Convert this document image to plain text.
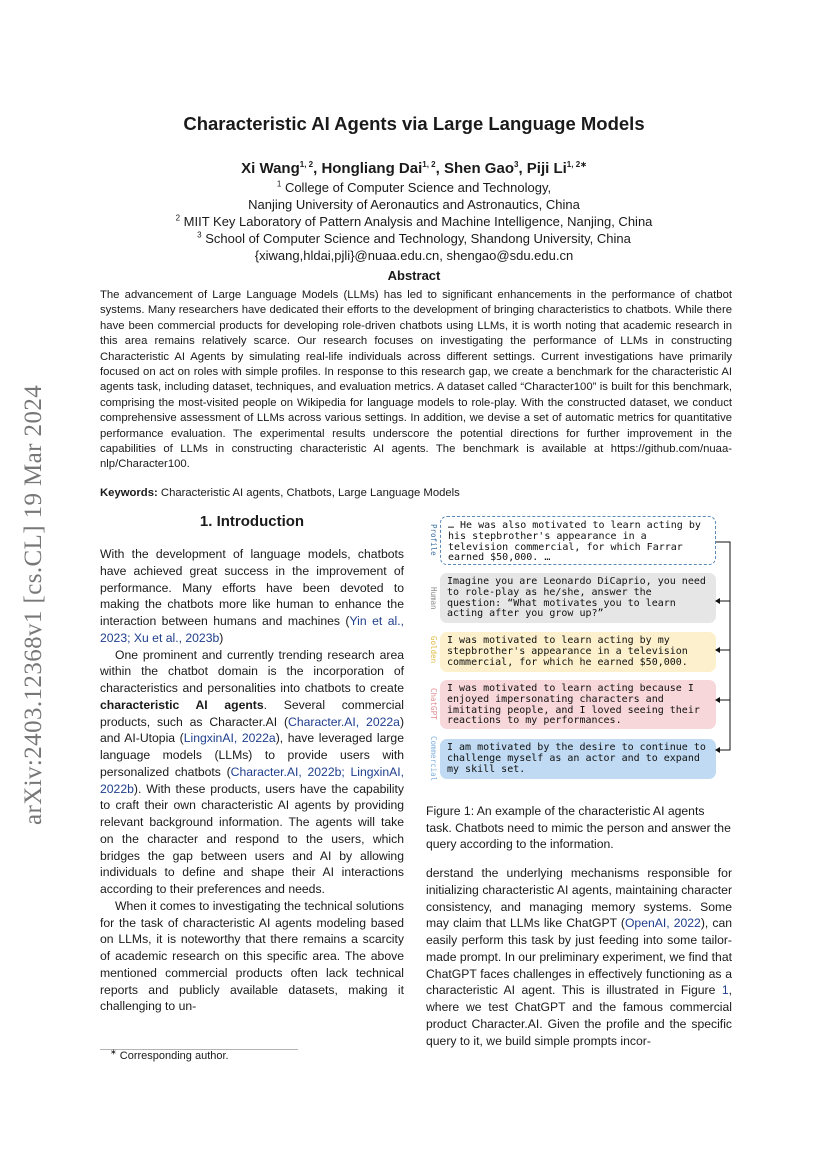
arXiv:2403.12368v1 [cs.CL] 19 Mar 2024
Characteristic AI Agents via Large Language Models
Xi Wang$^{1, 2}$, Hongliang Dai$^{1, 2}$, Shen Gao$^3$, Piji $Li^{1, 2∗}$
$^1$ College of Computer Science and Technology,
Nanjing University of Aeronautics and Astronautics, China
$^2$ MIIT Key Laboratory of Pattern Analysis and Machine Intelligence, Nanjing, China
$^3$ School of Computer Science and Technology, Shandong University, China
{xiwang,hldai,pjli}@nuaa.edu.cn, shengao@sdu.edu.cn
Abstract
The advancement of Large Language Models (LLMs) has led to significant enhancements in the performance of chatbot systems. Many researchers have dedicated their efforts to the development of bringing characteristics to chatbots. While there have been commercial products for developing role-driven chatbots using LLMs, it is worth noting that academic research in this area remains relatively scarce. Our research focuses on investigating the performance of LLMs in constructing Characteristic AI Agents by simulating real-life individuals across different settings. Current investigations have primarily focused on act on roles with simple profiles. In response to this research gap, we create a benchmark for the characteristic AI agents task, including dataset, techniques, and evaluation metrics. A dataset called “Character100” is built for this benchmark, comprising the most-visited people on Wikipedia for language models to role-play. With the constructed dataset, we conduct comprehensive assessment of LLMs across various settings. In addition, we devise a set of automatic metrics for quantitative performance evaluation. The experimental results underscore the potential directions for further improvement in the capabilities of LLMs in constructing characteristic AI agents. The benchmark is available at https://github.com/nuaa-nlp/Character100.
Keywords: Characteristic AI agents, Chatbots, Large Language Models
1. Introduction

With the development of language models, chatbots have achieved great success in the improvement of performance. Many efforts have been devoted to making the chatbots more like human to enhance the interaction between humans and machines (Yin et al., 2023; Xu et al., 2023b)

One prominent and currently trending research area within the chatbot domain is the incorporation of characteristics and personalities into chatbots to create characteristic AI agents. Several commercial products, such as Character.AI (Character.AI, 2022a) and AI-Utopia (LingxinAI, 2022a), have leveraged large language models (LLMs) to provide users with personalized chatbots (Character.AI, 2022b; LingxinAI, 2022b). With these products, users have the capability to craft their own characteristic AI agents by providing relevant background information. The agents will take on the character and respond to the users, which bridges the gap between users and AI by allowing individuals to define and shape their AI interactions according to their preferences and needs.

When it comes to investigating the technical solutions for the task of characteristic AI agents modeling based on LLMs, it is noteworthy that there remains a scarcity of academic research on this specific area. The above mentioned commercial products often lack technical reports and publicly available datasets, making it challenging to un-

∗ Corresponding author.
Profile	… He was also motivated to learn acting by his stepbrother's appearance in a television commercial, for which Farrar earned $50,000. …
Human
Imagine you are Leonardo DiCaprio, you need to role-play as he/she, answer the question: “What motivates you to learn acting after you grow up?”
Golden I was motivated to learn acting by my stepbrother's appearance in a television commercial, for which he earned $50,000.
ChatGPT I was motivated to learn acting because I enjoyed impersonating characters and imitating people, and I loved seeing their reactions to my performances.
Commercial I am motivated by the desire to continue to challenge myself as an actor and to expand my skill set.
Figure 1: An example of the characteristic AI agents task. Chatbots need to mimic the person and answer the query according to the information.

derstand the underlying mechanisms responsible for initializing characteristic AI agents, maintaining character consistency, and managing memory systems. Some may claim that LLMs like ChatGPT (OpenAI, 2022), can easily perform this task by just feeding into some tailor-made prompt. In our preliminary experiment, we find that ChatGPT faces challenges in effectively functioning as a characteristic AI agent. This is illustrated in Figure 1, where we test ChatGPT and the famous commercial product Character.AI. Given the profile and the specific query to it, we build simple prompts incor-
